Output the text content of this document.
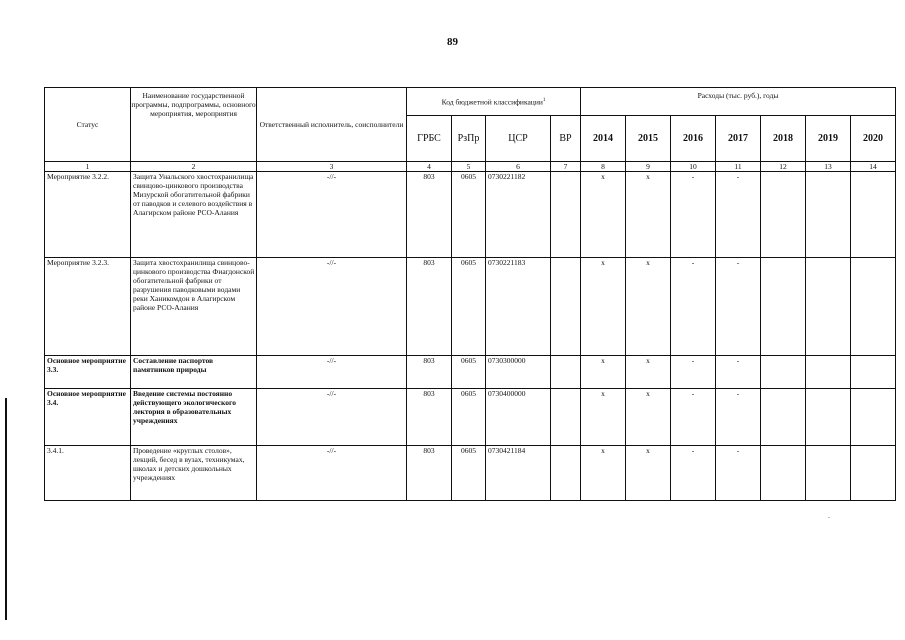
89
Статус	Наименование государственной программы, подпрограммы, основного мероприятия, мероприятия	Ответственный исполнитель, соисполнители	Код бюджетной классификации$^1$				Расходы (тыс. руб.), годы						
			ГРБС	РзПр	ЦСР	ВР	2014	2015	2016	2017	2018	2019	2020
1	2	3	4	5	6	7	8	9	10	11	12	13	14
Мероприятие 3.2.2.	Защита Унальского хвостохранилища свинцово-цинкового производства Мизурской обогатительной фабрики от паводков и селевого воздействия в Алагирском районе РСО-Алания	-//-	803	0605	0730221182		x	x	-	-			
Мероприятие 3.2.3.	Защита хвостохранилища свинцово-цинкового производства Фиагдонской обогатительной фабрики от разрушения паводковыми водами реки Ханикомдон в Алагирском районе РСО-Алания	-//-	803	0605	0730221183		x	x	-	-			
Основное мероприятие 3.3.	Составление паспортов памятников природы	-//-	803	0605	0730300000		x	x	-	-			
Основное мероприятие 3.4.	Введение системы постоянно действующего экологического лектория в образовательных учреждениях	-//-	803	0605	0730400000		x	x	-	-			
3.4.1.	Проведение «круглых столов», лекций, бесед в вузах, техникумах, школах и детских дошкольных учреждениях	-//-	803	0605	0730421184		x	x	-	-			
